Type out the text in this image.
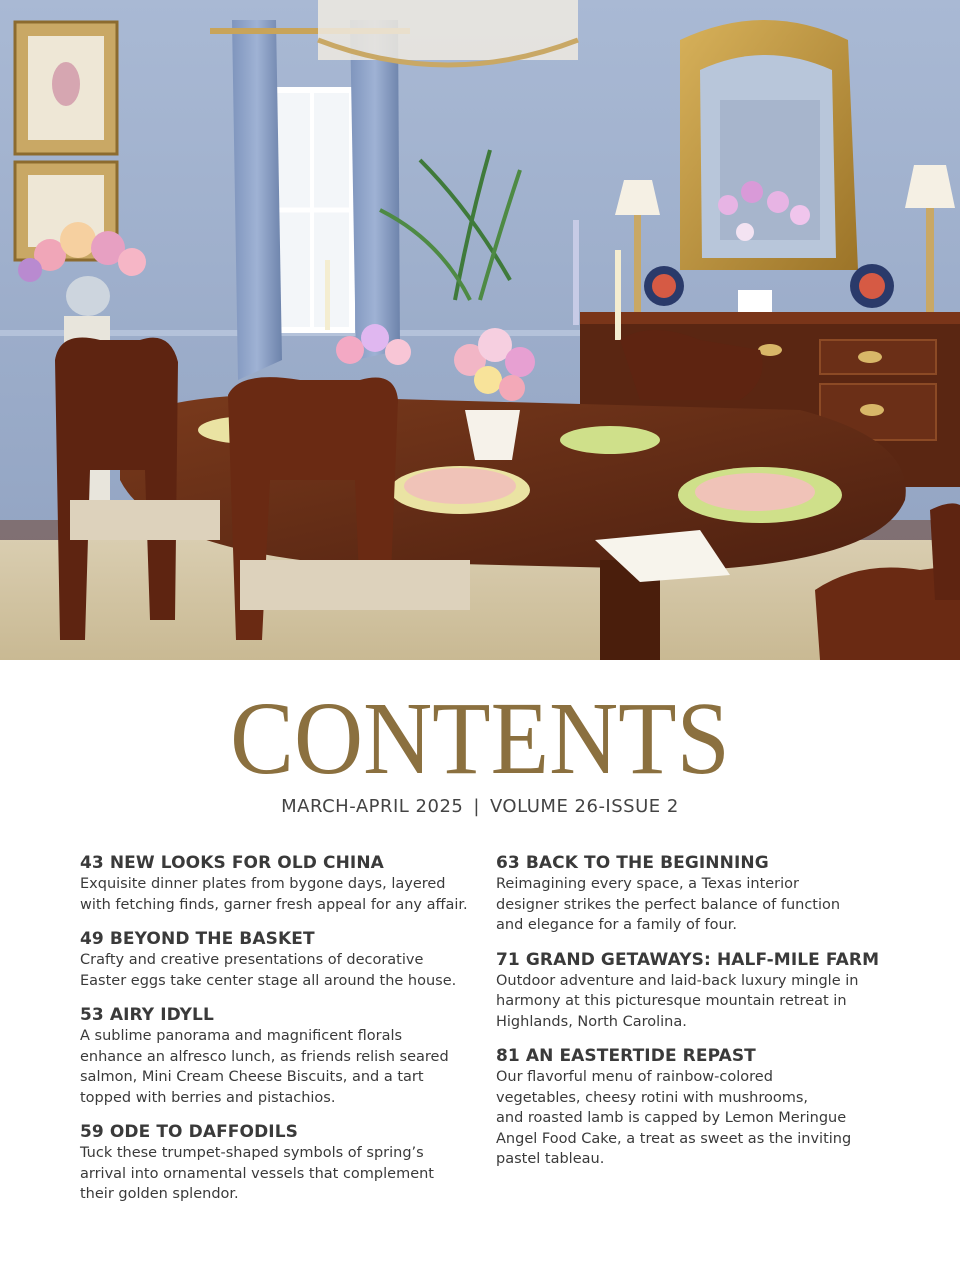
CONTENTS
MARCH-APRIL 2025 | VOLUME 26-ISSUE 2
43 NEW LOOKS FOR OLD CHINA

Exquisite dinner plates from bygone days, layered
with fetching finds, garner fresh appeal for any affair.

49 BEYOND THE BASKET

Crafty and creative presentations of decorative
Easter eggs take center stage all around the house.

53 AIRY IDYLL

A sublime panorama and magnificent florals
enhance an alfresco lunch, as friends relish seared
salmon, Mini Cream Cheese Biscuits, and a tart
topped with berries and pistachios.

59 ODE TO DAFFODILS

Tuck these trumpet-shaped symbols of spring’s
arrival into ornamental vessels that complement
their golden splendor.

63 BACK TO THE BEGINNING

Reimagining every space, a Texas interior
designer strikes the perfect balance of function
and elegance for a family of four.

71 GRAND GETAWAYS: HALF-MILE FARM

Outdoor adventure and laid-back luxury mingle in
harmony at this picturesque mountain retreat in
Highlands, North Carolina.

81 AN EASTERTIDE REPAST

Our flavorful menu of rainbow-colored
vegetables, cheesy rotini with mushrooms,
and roasted lamb is capped by Lemon Meringue
Angel Food Cake, a treat as sweet as the inviting
pastel tableau.
